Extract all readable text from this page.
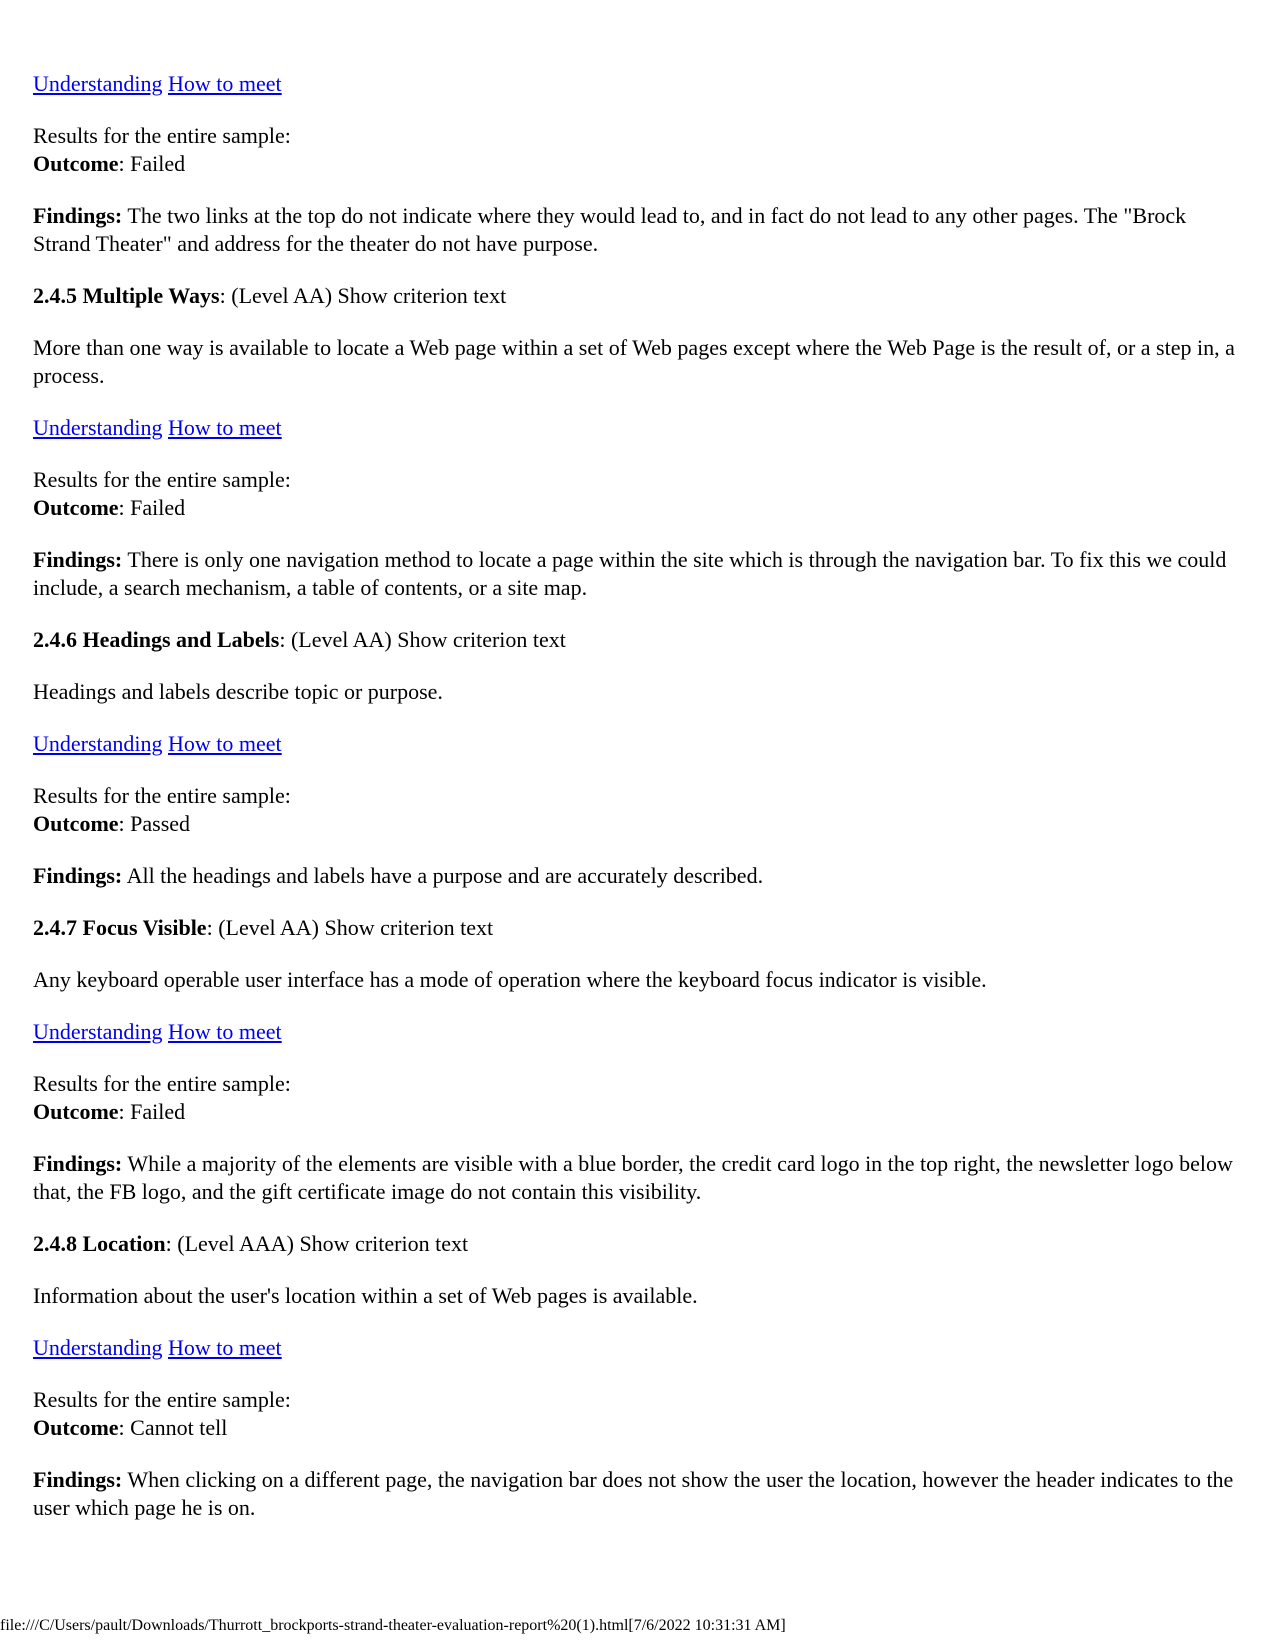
Understanding How to meet

Results for the entire sample:
Outcome: Failed

Findings: The two links at the top do not indicate where they would lead to, and in fact do not lead to any other pages. The "Brock Strand Theater" and address for the theater do not have purpose.

2.4.5 Multiple Ways: (Level AA) Show criterion text

More than one way is available to locate a Web page within a set of Web pages except where the Web Page is the result of, or a step in, a process.

Understanding How to meet

Results for the entire sample:
Outcome: Failed

Findings: There is only one navigation method to locate a page within the site which is through the navigation bar. To fix this we could include, a search mechanism, a table of contents, or a site map.

2.4.6 Headings and Labels: (Level AA) Show criterion text

Headings and labels describe topic or purpose.

Understanding How to meet

Results for the entire sample:
Outcome: Passed

Findings: All the headings and labels have a purpose and are accurately described.

2.4.7 Focus Visible: (Level AA) Show criterion text

Any keyboard operable user interface has a mode of operation where the keyboard focus indicator is visible.

Understanding How to meet

Results for the entire sample:
Outcome: Failed

Findings: While a majority of the elements are visible with a blue border, the credit card logo in the top right, the newsletter logo below that, the FB logo, and the gift certificate image do not contain this visibility.

2.4.8 Location: (Level AAA) Show criterion text

Information about the user's location within a set of Web pages is available.

Understanding How to meet

Results for the entire sample:
Outcome: Cannot tell

Findings: When clicking on a different page, the navigation bar does not show the user the location, however the header indicates to the user which page he is on.

file:///C/Users/pault/Downloads/Thurrott_brockports-strand-theater-evaluation-report%20(1).html[7/6/2022 10:31:31 AM]
